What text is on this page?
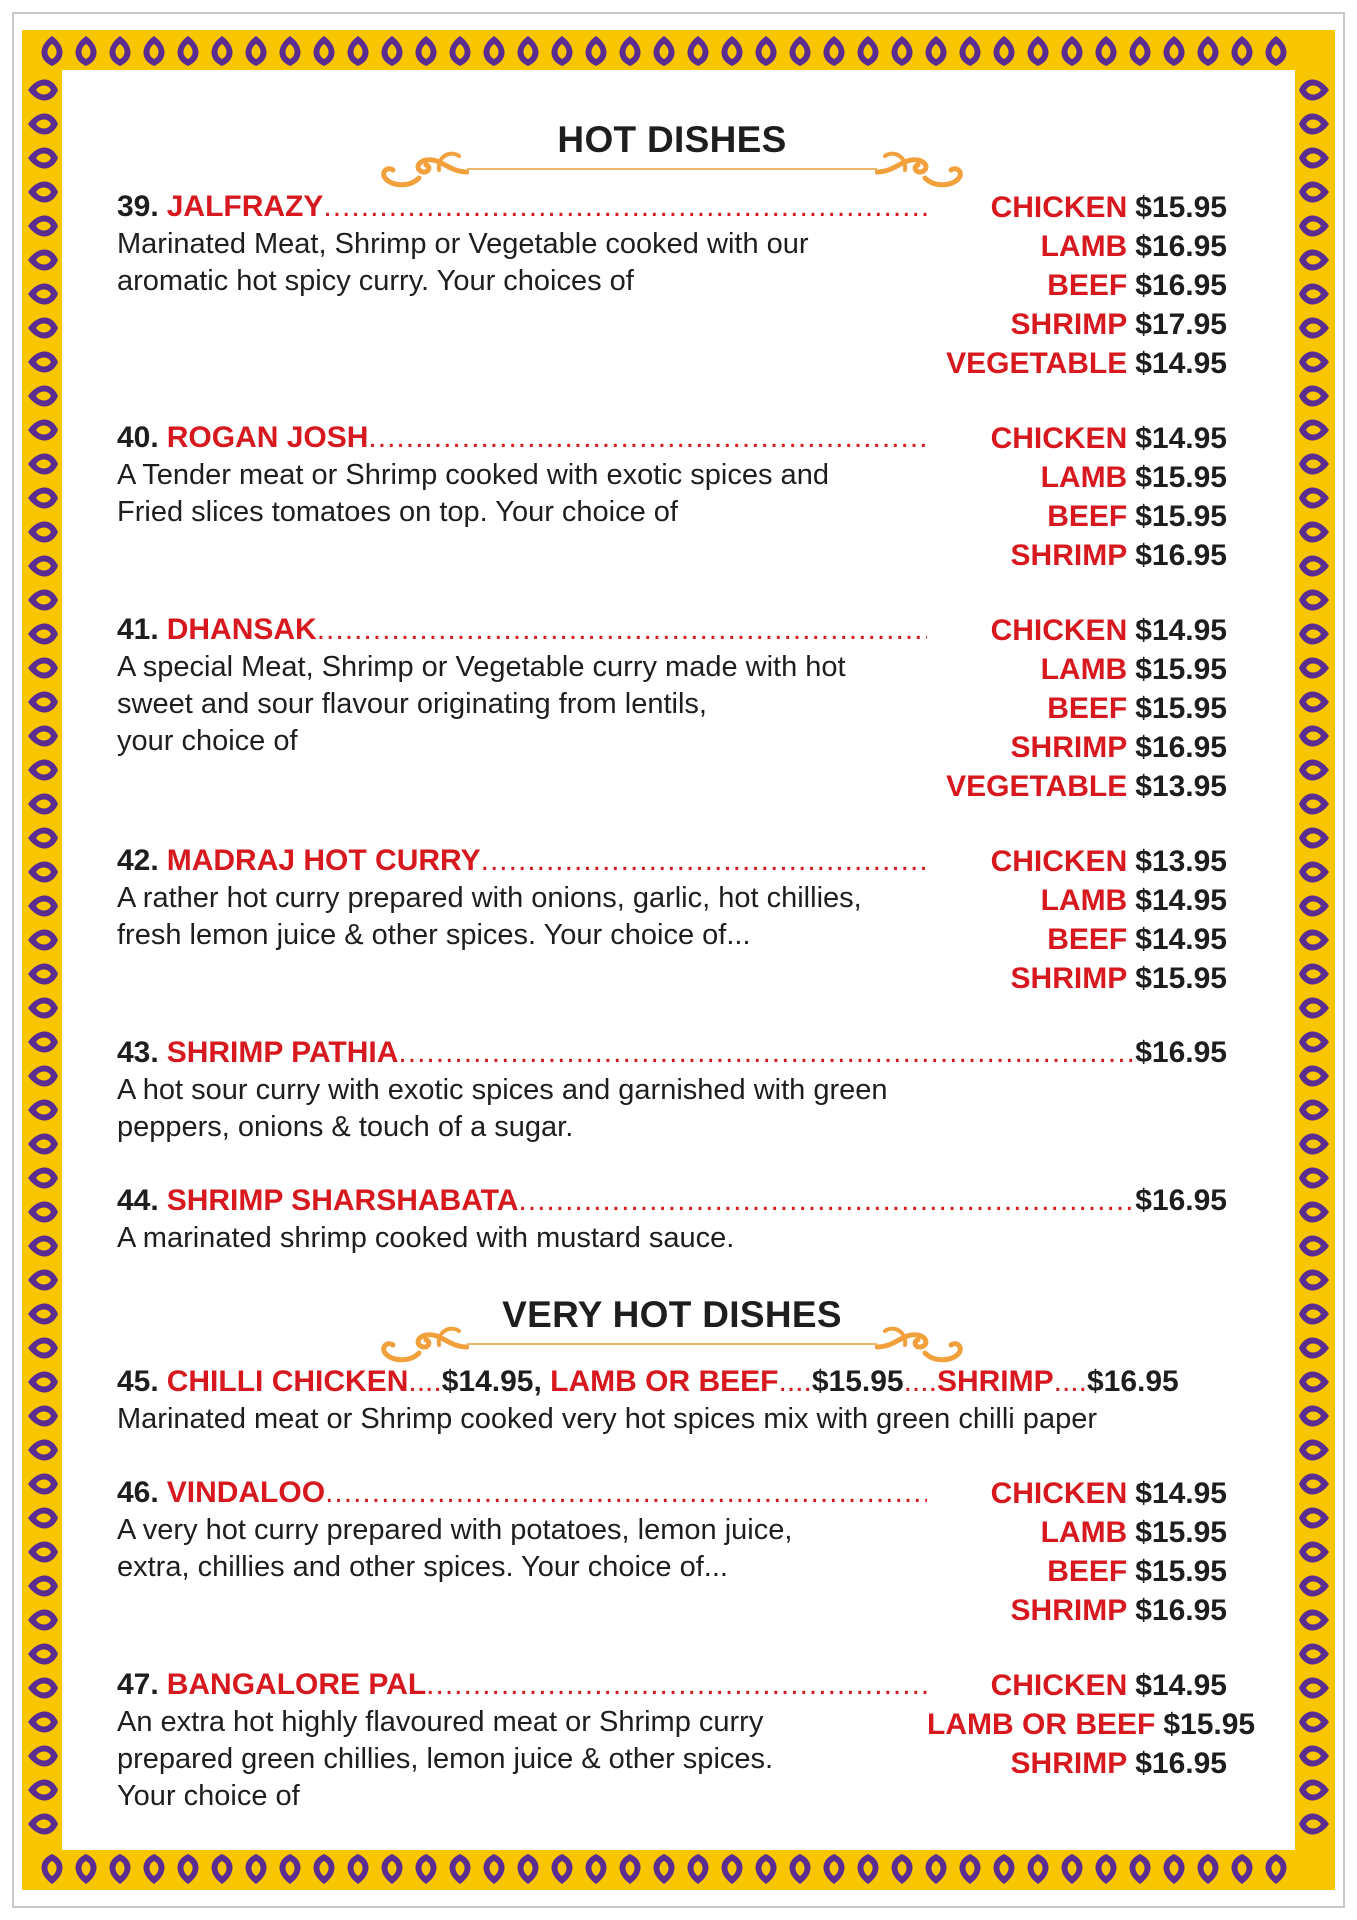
HOT DISHES
39. JALFRAZY
.....
Marinated Meat, Shrimp or Vegetable cooked with our
aromatic hot spicy curry. Your choices of
CHICKEN $15.95
LAMB $16.95
BEEF $16.95
SHRIMP $17.95
VEGETABLE $14.95
40. ROGAN JOSH
.....
A Tender meat or Shrimp cooked with exotic spices and
Fried slices tomatoes on top. Your choice of
CHICKEN $14.95
LAMB $15.95
BEEF $15.95
SHRIMP $16.95
41. DHANSAK
.....
A special Meat, Shrimp or Vegetable curry made with hot
sweet and sour flavour originating from lentils,
your choice of
CHICKEN $14.95
LAMB $15.95
BEEF $15.95
SHRIMP $16.95
VEGETABLE $13.95
42. MADRAJ HOT CURRY
.....
A rather hot curry prepared with onions, garlic, hot chillies,
fresh lemon juice & other spices. Your choice of...
CHICKEN $13.95
LAMB $14.95
BEEF $14.95
SHRIMP $15.95
43. SHRIMP PATHIA .....	$16.95
A hot sour curry with exotic spices and garnished with green
peppers, onions & touch of a sugar.
44. SHRIMP SHARSHABATA .....	$16.95
A marinated shrimp cooked with mustard sauce.
VERY HOT DISHES
45. CHILLI CHICKEN....$14.95, LAMB OR BEEF....$15.95....SHRIMP....$16.95
Marinated meat or Shrimp cooked very hot spices mix with green chilli paper
46. VINDALOO
.....
A very hot curry prepared with potatoes, lemon juice,
extra, chillies and other spices. Your choice of...
CHICKEN $14.95
LAMB $15.95
BEEF $15.95
SHRIMP $16.95
47. BANGALORE PAL
.....
An extra hot highly flavoured meat or Shrimp curry
prepared green chillies, lemon juice & other spices.
Your choice of
CHICKEN $14.95
LAMB OR BEEF $15.95
SHRIMP $16.95
